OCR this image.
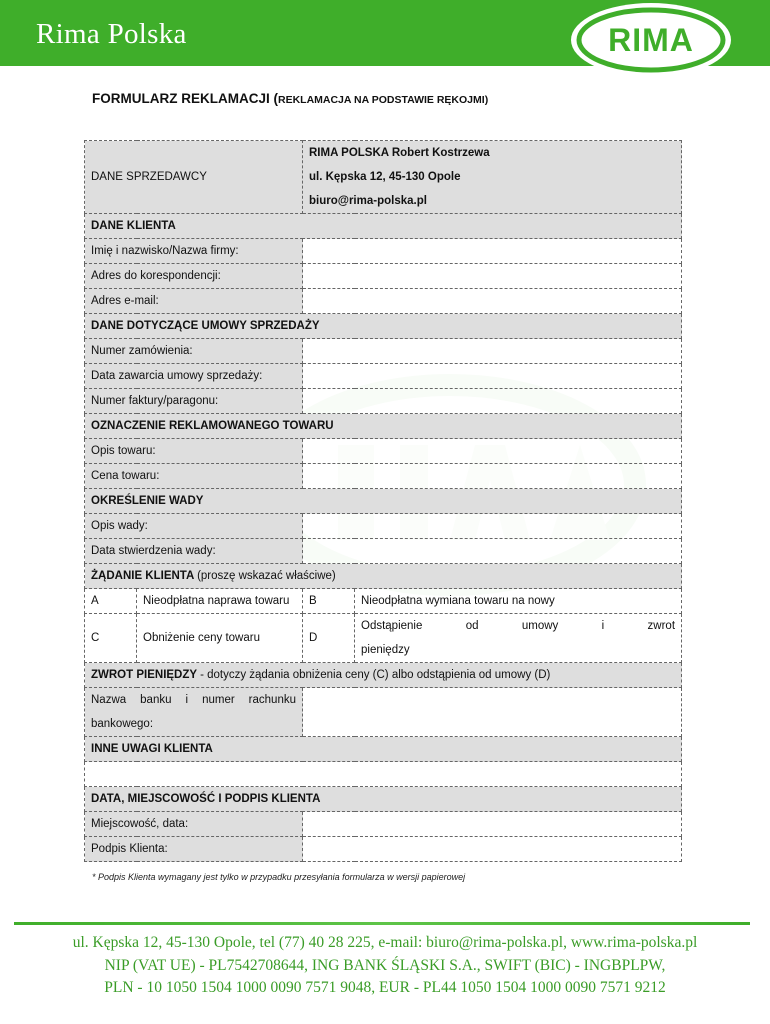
Rima Polska	RIMA
FORMULARZ REKLAMACJI (REKLAMACJA NA PODSTAWIE RĘKOJMI)
DANE SPRZEDAWCY		RIMA POLSKA Robert Kostrzewa
ul. Kępska 12, 45-130 Opole
biuro@rima-polska.pl	

DANE KLIENTA			
Imię i nazwisko/Nazwa firmy:			
Adres do korespondencji:			
Adres e-mail:			
DANE DOTYCZĄCE UMOWY SPRZEDAŻY			
Numer zamówienia:			
Data zawarcia umowy sprzedaży:			
Numer faktury/paragonu:			
OZNACZENIE REKLAMOWANEGO TOWARU			
Opis towaru:			
Cena towaru:			
OKREŚLENIE WADY			
Opis wady:			
Data stwierdzenia wady:			
ŻĄDANIE KLIENTA (proszę wskazać właściwe)			
A	Nieodpłatna naprawa towaru	B	Nieodpłatna wymiana towaru na nowy
C	Obniżenie ceny towaru	D	Odstąpienie od umowy i zwrot
pieniędzy

ZWROT PIENIĘDZY - dotyczy żądania obniżenia ceny (C) albo odstąpienia od umowy (D)			

Nazwa banku i numer rachunku
bankowego:			

INNE UWAGI KLIENTA			

DATA, MIEJSCOWOŚĆ I PODPIS KLIENTA			
Miejscowość, data:			
Podpis Klienta:			
* Podpis Klienta wymagany jest tylko w przypadku przesyłania formularza w wersji papierowej
ul. Kępska 12, 45-130 Opole, tel (77) 40 28 225, e-mail: biuro@rima-polska.pl, www.rima-polska.pl
NIP (VAT UE) - PL7542708644, ING BANK ŚLĄSKI S.A., SWIFT (BIC) - INGBPLPW,
PLN - 10 1050 1504 1000 0090 7571 9048, EUR - PL44 1050 1504 1000 0090 7571 9212
